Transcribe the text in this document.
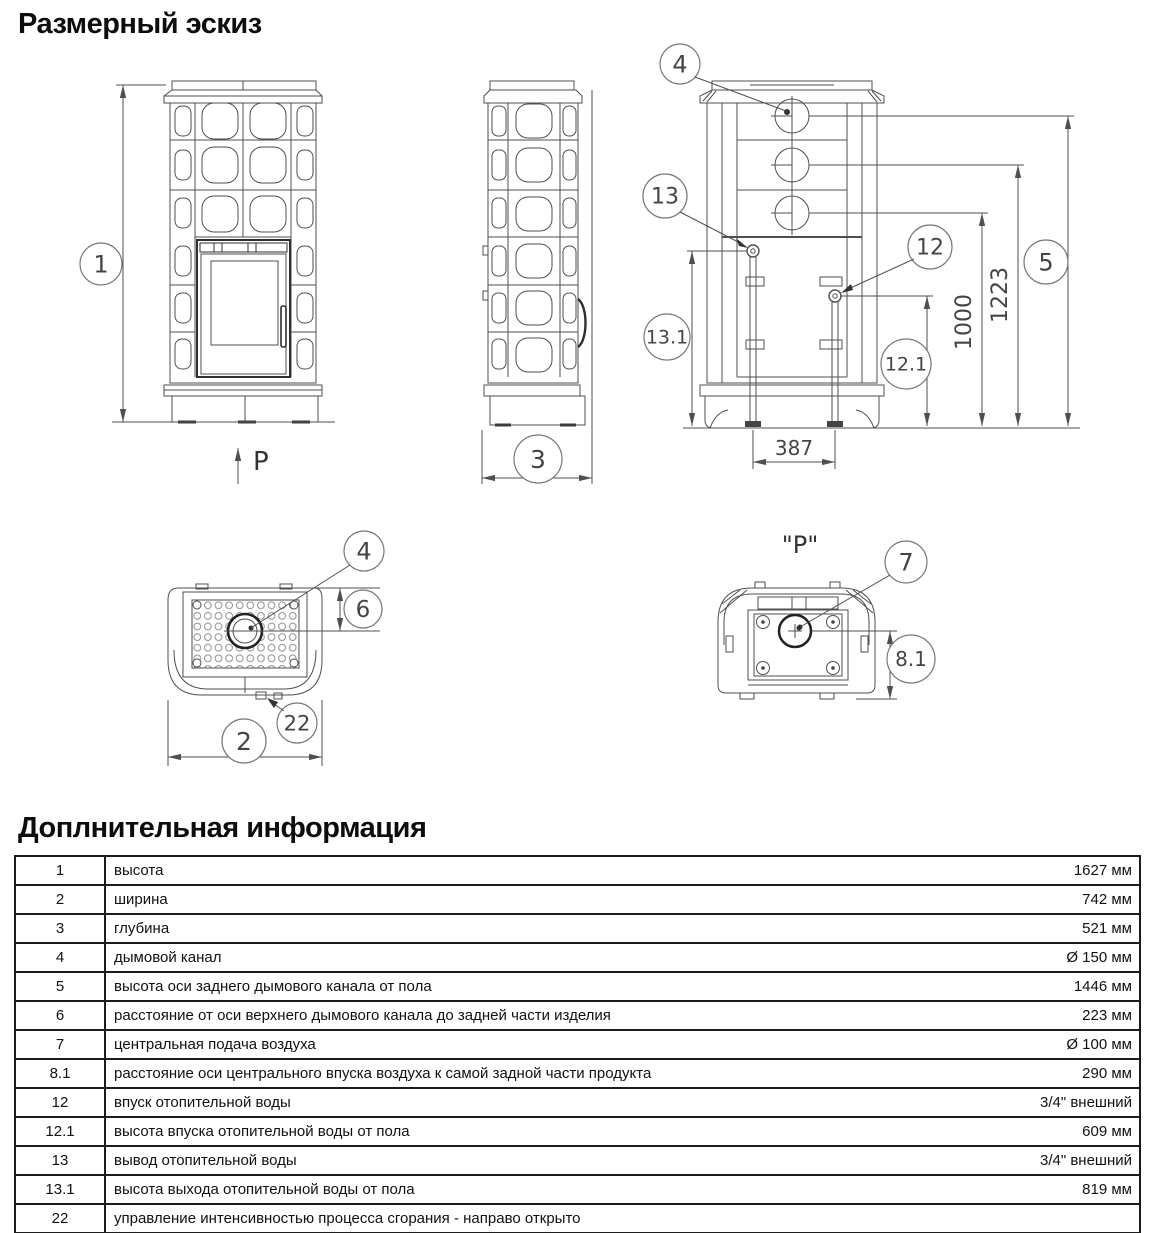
Размерный эскиз
1
P	3
4
13
12
387
13.1
12.1
1000 1223
5
4
6
22
2
"P"
7
8.1
Доплнительная информация
1	высота	1627 мм
2	ширина	742 мм
3	глубина	521 мм
4	дымовой канал	Ø 150 мм
5	высота оси заднего дымового канала от пола	1446 мм
6	расстояние от оси верхнего дымового канала до задней части изделия	223 мм
7	центральная подача воздуха	Ø 100 мм
8.1	расстояние оси центрального впуска воздуха к самой задной части продукта	290 мм
12	впуск отопительной воды	3/4" внешний
12.1	высота впуска отопительной воды от пола	609 мм
13	вывод отопительной воды	3/4" внешний
13.1	высота выхода отопительной воды от пола	819 мм
22	управление интенсивностью процесса сгорания - направо открыто
